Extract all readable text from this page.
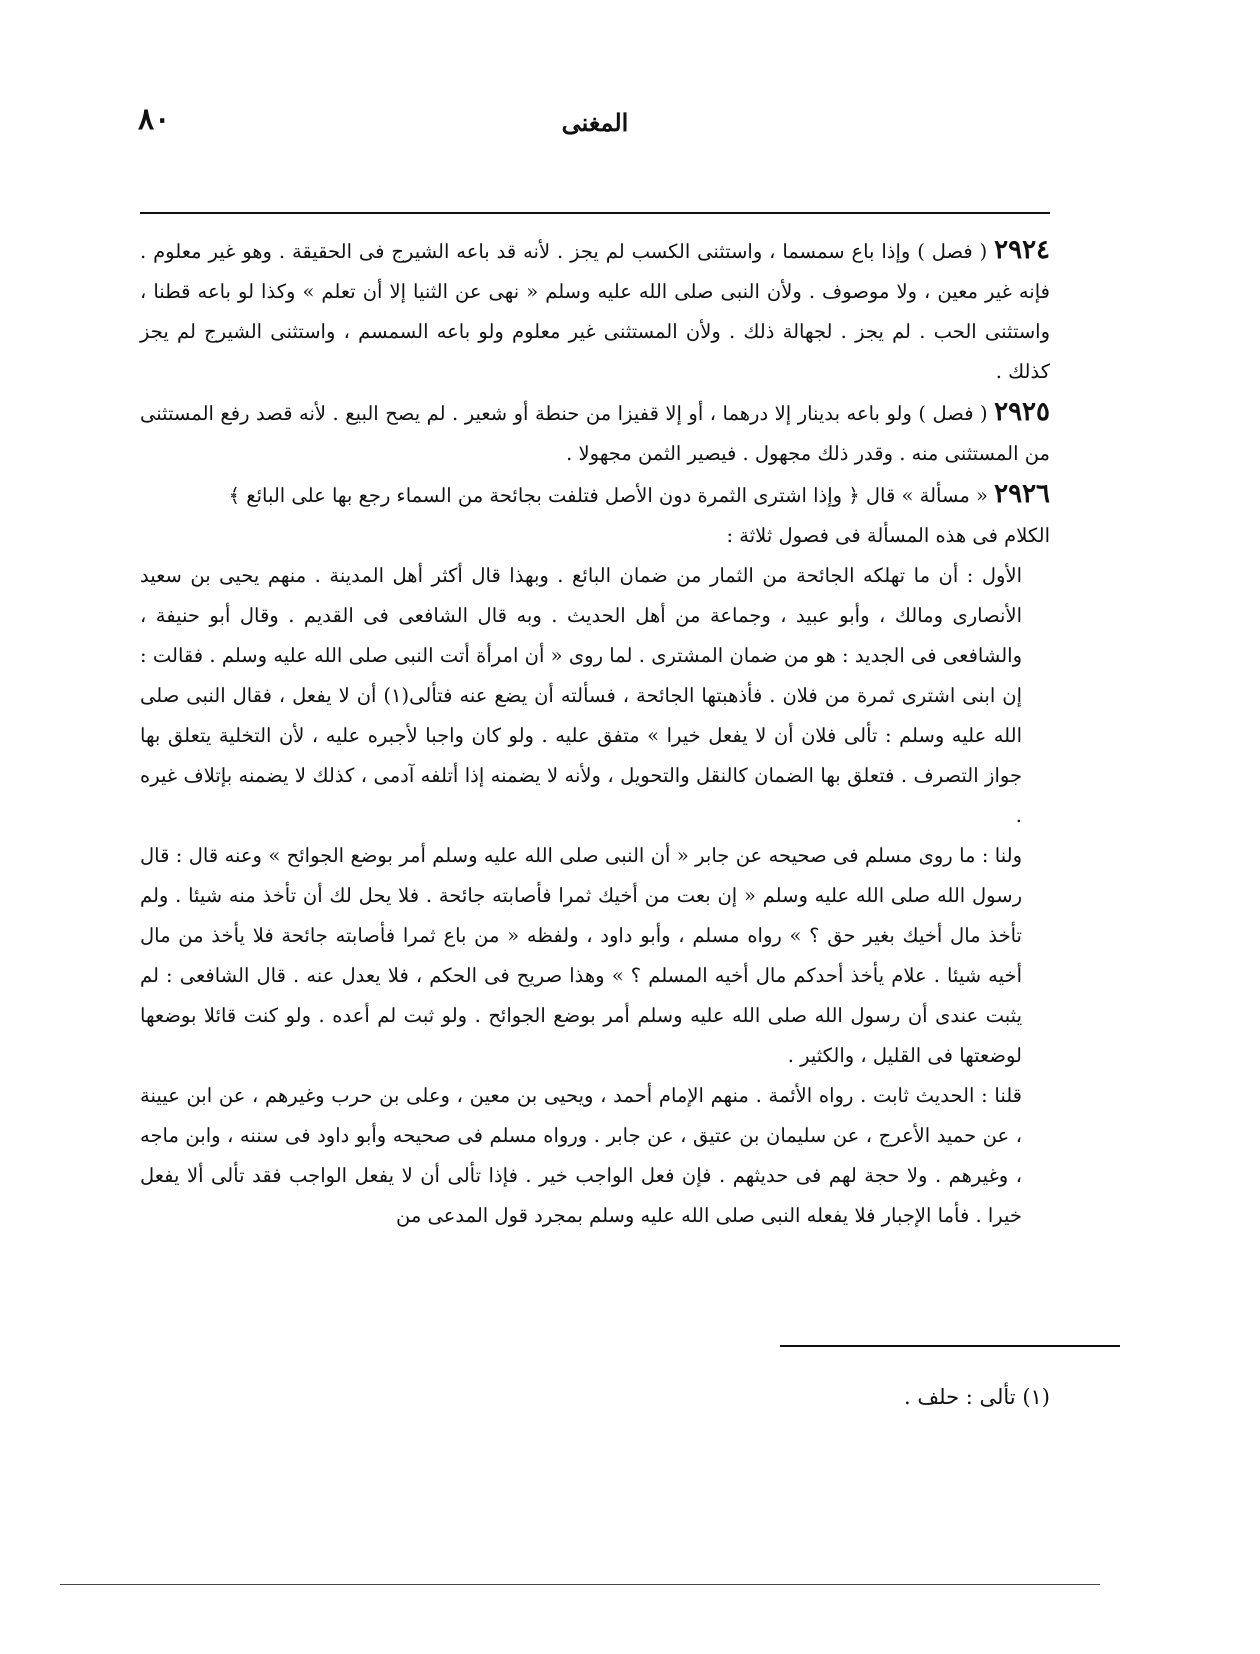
المغنى
٨٠

٢٩٢٤ ( فصل ) وإذا باع سمسما ، واستثنى الكسب لم يجز . لأنه قد باعه الشيرج فى الحقيقة . وهو غير معلوم . فإنه غير معين ، ولا موصوف . ولأن النبى صلى الله عليه وسلم « نهى عن الثنيا إلا أن تعلم » وكذا لو باعه قطنا ، واستثنى الحب . لم يجز . لجهالة ذلك . ولأن المستثنى غير معلوم ولو باعه السمسم ، واستثنى الشيرج لم يجز كذلك .

٢٩٢٥ ( فصل ) ولو باعه بدينار إلا درهما ، أو إلا قفيزا من حنطة أو شعير . لم يصح البيع . لأنه قصد رفع المستثنى من المستثنى منه . وقدر ذلك مجهول . فيصير الثمن مجهولا .

٢٩٢٦ « مسألة » قال ﴿ وإذا اشترى الثمرة دون الأصل فتلفت بجائحة من السماء رجع بها على البائع ﴾

الكلام فى هذه المسألة فى فصول ثلاثة :

الأول : أن ما تهلكه الجائحة من الثمار من ضمان البائع . وبهذا قال أكثر أهل المدينة . منهم يحيى بن سعيد الأنصارى ومالك ، وأبو عبيد ، وجماعة من أهل الحديث . وبه قال الشافعى فى القديم . وقال أبو حنيفة ، والشافعى فى الجديد : هو من ضمان المشترى . لما روى « أن امرأة أتت النبى صلى الله عليه وسلم . فقالت : إن ابنى اشترى ثمرة من فلان . فأذهبتها الجائحة ، فسألته أن يضع عنه فتألى(١) أن لا يفعل ، فقال النبى صلى الله عليه وسلم : تألى فلان أن لا يفعل خيرا » متفق عليه . ولو كان واجبا لأجبره عليه ، لأن التخلية يتعلق بها جواز التصرف . فتعلق بها الضمان كالنقل والتحويل ، ولأنه لا يضمنه إذا أتلفه آدمى ، كذلك لا يضمنه بإتلاف غيره .

ولنا : ما روى مسلم فى صحيحه عن جابر « أن النبى صلى الله عليه وسلم أمر بوضع الجوائح » وعنه قال : قال رسول الله صلى الله عليه وسلم « إن بعت من أخيك ثمرا فأصابته جائحة . فلا يحل لك أن تأخذ منه شيئا . ولم تأخذ مال أخيك بغير حق ؟ » رواه مسلم ، وأبو داود ، ولفظه « من باع ثمرا فأصابته جائحة فلا يأخذ من مال أخيه شيئا . علام يأخذ أحدكم مال أخيه المسلم ؟ » وهذا صريح فى الحكم ، فلا يعدل عنه . قال الشافعى : لم يثبت عندى أن رسول الله صلى الله عليه وسلم أمر بوضع الجوائح . ولو ثبت لم أعده . ولو كنت قائلا بوضعها لوضعتها فى القليل ، والكثير .

قلنا : الحديث ثابت . رواه الأئمة . منهم الإمام أحمد ، ويحيى بن معين ، وعلى بن حرب وغيرهم ، عن ابن عيينة ، عن حميد الأعرج ، عن سليمان بن عتيق ، عن جابر . ورواه مسلم فى صحيحه وأبو داود فى سننه ، وابن ماجه ، وغيرهم . ولا حجة لهم فى حديثهم . فإن فعل الواجب خير . فإذا تألى أن لا يفعل الواجب فقد تألى ألا يفعل خيرا . فأما الإجبار فلا يفعله النبى صلى الله عليه وسلم بمجرد قول المدعى من

(١) تألى : حلف .
